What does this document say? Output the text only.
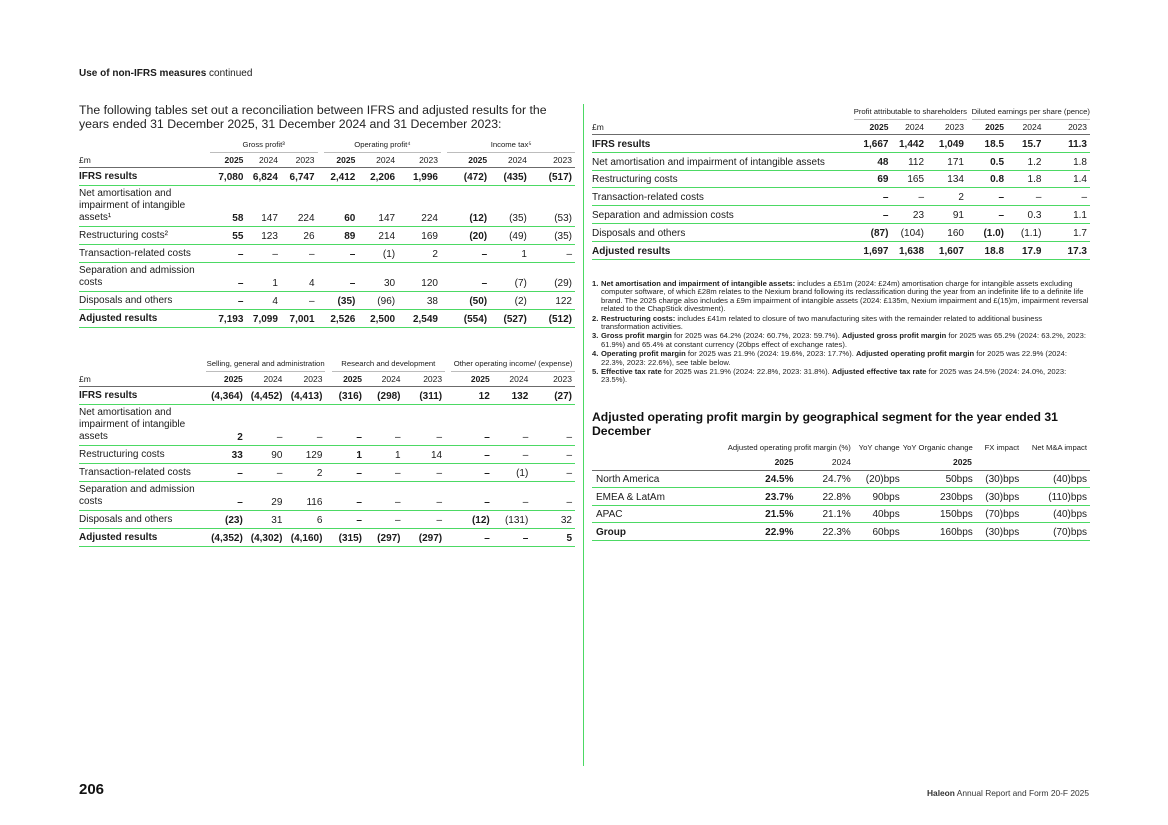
Use of non-IFRS measures continued
The following tables set out a reconciliation between IFRS and adjusted results for the years ended 31 December 2025, 31 December 2024 and 31 December 2023:
	Gross profit³				Operating profit⁴				Income tax⁵		
£m	2025	2024	2023		2025	2024	2023		2025	2024	2023
IFRS results	7,080	6,824	6,747		2,412	2,206	1,996		(472)	(435)	(517)
Net amortisation and impairment of intangible assets¹	58	147	224		60	147	224		(12)	(35)	(53)
Restructuring costs²	55	123	26		89	214	169		(20)	(49)	(35)
Transaction-related costs	–	–	–		–	(1)	2		–	1	–
Separation and admission costs	–	1	4		–	30	120		–	(7)	(29)
Disposals and others	–	4	–		(35)	(96)	38		(50)	(2)	122
Adjusted results	7,193	7,099	7,001		2,526	2,500	2,549		(554)	(527)	(512)
	Selling, general and administration				Research and development				Other operating income/ (expense)		
£m	2025	2024	2023		2025	2024	2023		2025	2024	2023
IFRS results	(4,364)	(4,452)	(4,413)		(316)	(298)	(311)		12	132	(27)
Net amortisation and impairment of intangible assets	2	–	–		–	–	–		–	–	–
Restructuring costs	33	90	129		1	1	14		–	–	–
Transaction-related costs	–	–	2		–	–	–		–	(1)	–
Separation and admission costs	–	29	116		–	–	–		–	–	–
Disposals and others	(23)	31	6		–	–	–		(12)	(131)	32
Adjusted results	(4,352)	(4,302)	(4,160)		(315)	(297)	(297)		–	–	5
	Profit attributable to shareholders				Diluted earnings per share (pence)		
£m	2025	2024	2023		2025	2024	2023
IFRS results	1,667	1,442	1,049		18.5	15.7	11.3
Net amortisation and impairment of intangible assets	48	112	171		0.5	1.2	1.8
Restructuring costs	69	165	134		0.8	1.8	1.4
Transaction-related costs	–	–	2		–	–	–
Separation and admission costs	–	23	91		–	0.3	1.1
Disposals and others	(87)	(104)	160		(1.0)	(1.1)	1.7
Adjusted results	1,697	1,638	1,607		18.8	17.9	17.3
1. Net amortisation and impairment of intangible assets: includes a £51m (2024: £24m) amortisation charge for intangible assets excluding computer software, of which £28m relates to the Nexium brand following its reclassification during the year from an indefinite life to a definite life brand. The 2025 charge also includes a £9m impairment of intangible assets (2024: £135m, Nexium impairment and £(15)m, impairment reversal related to the ChapStick divestment).
2. Restructuring costs: includes £41m related to closure of two manufacturing sites with the remainder related to additional business transformation activities.
3. Gross profit margin for 2025 was 64.2% (2024: 60.7%, 2023: 59.7%). Adjusted gross profit margin for 2025 was 65.2% (2024: 63.2%, 2023: 61.9%) and 65.4% at constant currency (20bps effect of exchange rates).
4. Operating profit margin for 2025 was 21.9% (2024: 19.6%, 2023: 17.7%). Adjusted operating profit margin for 2025 was 22.9% (2024: 22.3%, 2023: 22.6%), see table below.
5. Effective tax rate for 2025 was 21.9% (2024: 22.8%, 2023: 31.8%). Adjusted effective tax rate for 2025 was 24.5% (2024: 24.0%, 2023: 23.5%).
Adjusted operating profit margin by geographical segment for the year ended 31 December
	Adjusted operating profit margin (%)		YoY change	YoY Organic change	FX impact	Net M&A impact
	2025	2024		2025		
North America	24.5%	24.7%	(20)bps	50bps	(30)bps	(40)bps
EMEA & LatAm	23.7%	22.8%	90bps	230bps	(30)bps	(110)bps
APAC	21.5%	21.1%	40bps	150bps	(70)bps	(40)bps
Group	22.9%	22.3%	60bps	160bps	(30)bps	(70)bps
206	Haleon Annual Report and Form 20-F 2025
